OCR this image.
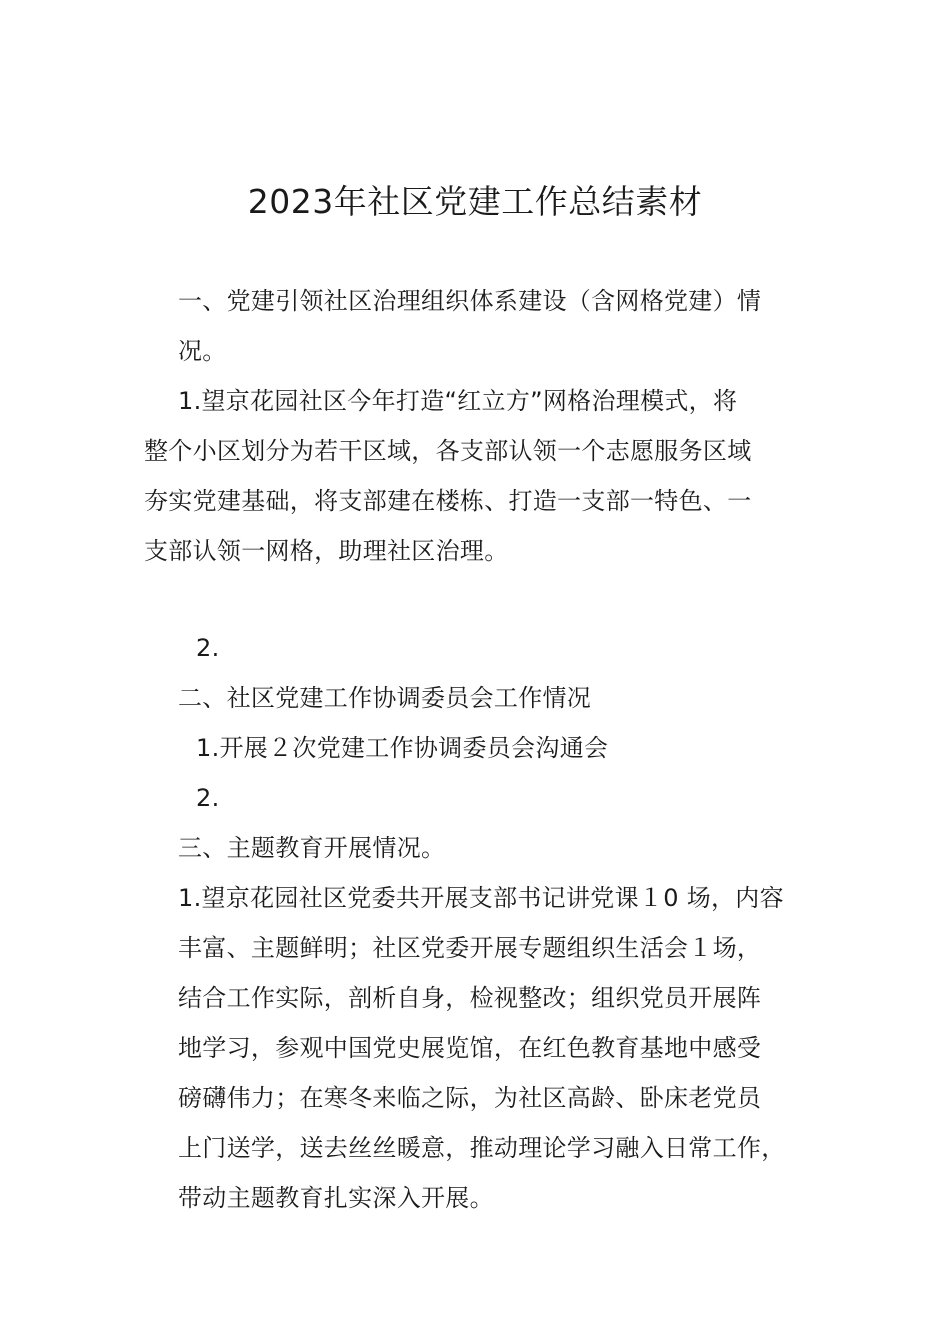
2023年社区党建工作总结素材
一、党建引领社区治理组织体系建设（含网格党建）情
况。
1.望京花园社区今年打造“红立方”网格治理模式，将
整个小区划分为若干区域，各支部认领一个志愿服务区域
夯实党建基础，将支部建在楼栋、打造一支部一特色、一
支部认领一网格，助理社区治理。
2.
二、社区党建工作协调委员会工作情况
1.开展２次党建工作协调委员会沟通会
2.
三、主题教育开展情况。
1.望京花园社区党委共开展支部书记讲党课１0 场，内容
丰富、主题鲜明；社区党委开展专题组织生活会１场，
结合工作实际，剖析自身，检视整改；组织党员开展阵
地学习，参观中国党史展览馆，在红色教育基地中感受
磅礴伟力；在寒冬来临之际，为社区高龄、卧床老党员
上门送学，送去丝丝暖意，推动理论学习融入日常工作，
带动主题教育扎实深入开展。
